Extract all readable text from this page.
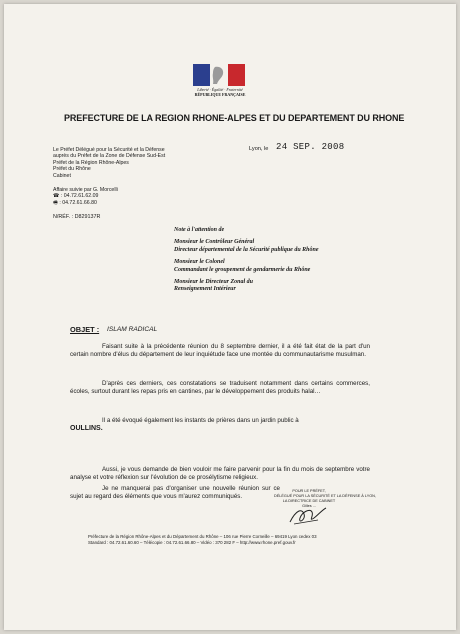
Liberté · Égalité · Fraternité
RÉPUBLIQUE FRANÇAISE
PREFECTURE DE LA REGION RHONE-ALPES ET DU DEPARTEMENT DU RHONE
Le Préfet Délégué pour la Sécurité et la Défense
auprès du Préfet de la Zone de Défense Sud-Est
Préfet de la Région Rhône-Alpes
Préfet du Rhône
Cabinet
Affaire suivie par G. Morcelli
☎ : 04.72.61.62.09
🖷 : 04.72.61.66.80
N/RÉF. : D829137R
Lyon, le 24 SEP. 2008
Note à l'attention de
Monsieur le Contrôleur Général
Directeur départemental de la Sécurité publique du Rhône
Monsieur le Colonel
Commandant le groupement de gendarmerie du Rhône
Monsieur le Directeur Zonal du
Renseignement Intérieur
OBJET : ISLAM RADICAL
Faisant suite à la précédente réunion du 8 septembre dernier, il a été fait état de la part d'un certain nombre d'élus du département de leur inquiétude face une montée du communautarisme musulman.
D'après ces derniers, ces constatations se traduisent notamment dans certains commerces, écoles, surtout durant les repas pris en cantines, par le développement des produits halal…
Il a été évoqué également les instants de prières dans un jardin public à
OULLINS.
Aussi, je vous demande de bien vouloir me faire parvenir pour la fin du mois de septembre votre analyse et votre réflexion sur l'évolution de ce prosélytisme religieux.
Je ne manquerai pas d'organiser une nouvelle réunion sur ce sujet au regard des éléments que vous m'aurez communiqués.
POUR LE PRÉFET,
DÉLÉGUÉ POUR LA SÉCURITÉ ET LA DÉFENSE À LYON,
LA DIRECTRICE DE CABINET
Gilles ...
Préfecture de la Région Rhône-Alpes et du Département du Rhône – 106 rue Pierre Corneille – 69419 Lyon cedex 03
Standard : 04.72.61.60.60 – Télécopie : 04.72.61.66.80 – Vidéo : 370 282 F – http://www.rhone.pref.gouv.fr
